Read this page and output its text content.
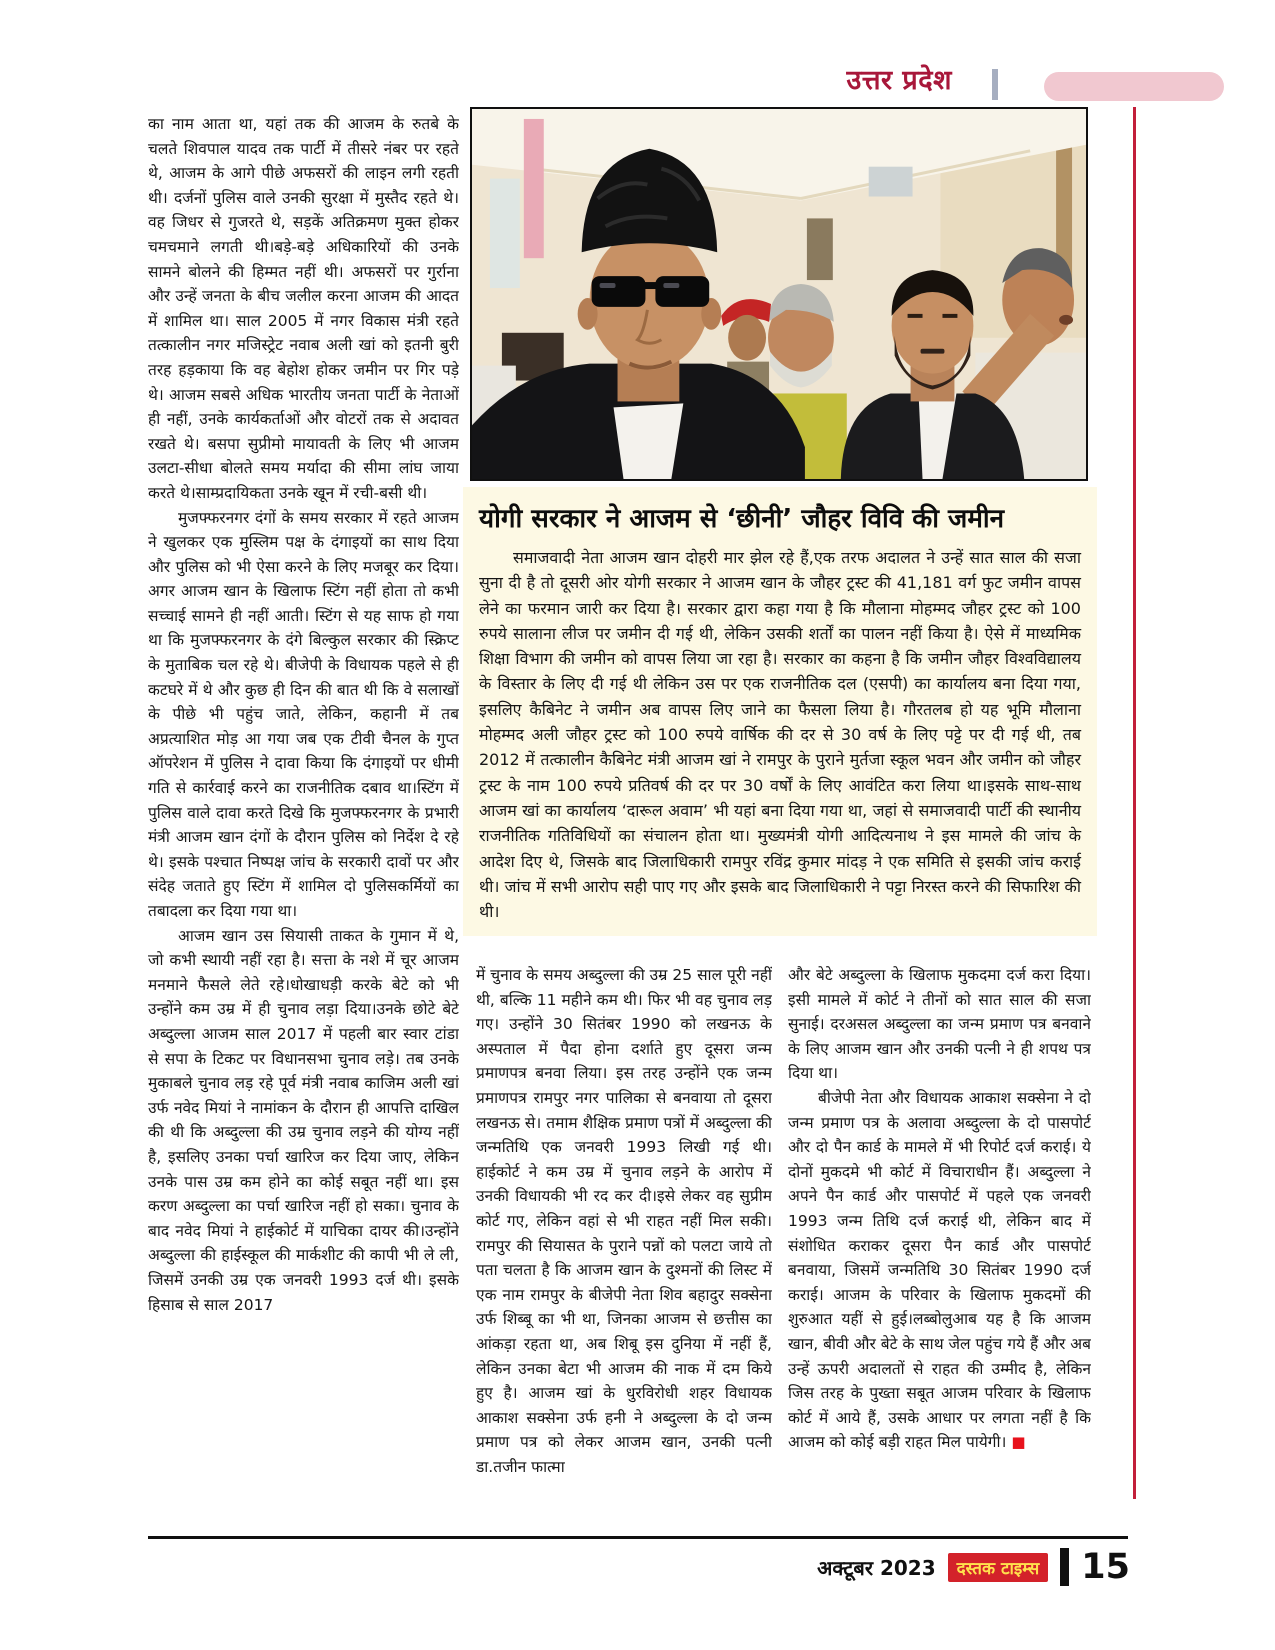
उत्तर प्रदेश

का नाम आता था, यहां तक की आजम के रुतबे के चलते शिवपाल यादव तक पार्टी में तीसरे नंबर पर रहते थे, आजम के आगे पीछे अफसरों की लाइन लगी रहती थी। दर्जनों पुलिस वाले उनकी सुरक्षा में मुस्तैद रहते थे। वह जिधर से गुजरते थे, सड़कें अतिक्रमण मुक्त होकर चमचमाने लगती थी।बड़े-बड़े अधिकारियों की उनके सामने बोलने की हिम्मत नहीं थी। अफसरों पर गुर्राना और उन्हें जनता के बीच जलील करना आजम की आदत में शामिल था। साल 2005 में नगर विकास मंत्री रहते तत्कालीन नगर मजिस्ट्रेट नवाब अली खां को इतनी बुरी तरह हड़काया कि वह बेहोश होकर जमीन पर गिर पड़े थे। आजम सबसे अधिक भारतीय जनता पार्टी के नेताओं ही नहीं, उनके कार्यकर्ताओं और वोटरों तक से अदावत रखते थे। बसपा सुप्रीमो मायावती के लिए भी आजम उलटा-सीधा बोलते समय मर्यादा की सीमा लांघ जाया करते थे।साम्प्रदायिकता उनके खून में रची-बसी थी।

मुजफ्फरनगर दंगों के समय सरकार में रहते आजम ने खुलकर एक मुस्लिम पक्ष के दंगाइयों का साथ दिया और पुलिस को भी ऐसा करने के लिए मजबूर कर दिया। अगर आजम खान के खिलाफ स्टिंग नहीं होता तो कभी सच्चाई सामने ही नहीं आती। स्टिंग से यह साफ हो गया था कि मुजफ्फरनगर के दंगे बिल्कुल सरकार की स्क्रिप्ट के मुताबिक चल रहे थे। बीजेपी के विधायक पहले से ही कटघरे में थे और कुछ ही दिन की बात थी कि वे सलाखों के पीछे भी पहुंच जाते, लेकिन, कहानी में तब अप्रत्याशित मोड़ आ गया जब एक टीवी चैनल के गुप्त ऑपरेशन में पुलिस ने दावा किया कि दंगाइयों पर धीमी गति से कार्रवाई करने का राजनीतिक दबाव था।स्टिंग में पुलिस वाले दावा करते दिखे कि मुजफ्फरनगर के प्रभारी मंत्री आजम खान दंगों के दौरान पुलिस को निर्देश दे रहे थे। इसके पश्चात निष्पक्ष जांच के सरकारी दावों पर और संदेह जताते हुए स्टिंग में शामिल दो पुलिसकर्मियों का तबादला कर दिया गया था।

आजम खान उस सियासी ताकत के गुमान में थे, जो कभी स्थायी नहीं रहा है। सत्ता के नशे में चूर आजम मनमाने फैसले लेते रहे।धोखाधड़ी करके बेटे को भी उन्होंने कम उम्र में ही चुनाव लड़ा दिया।उनके छोटे बेटे अब्दुल्ला आजम साल 2017 में पहली बार स्वार टांडा से सपा के टिकट पर विधानसभा चुनाव लड़े। तब उनके मुकाबले चुनाव लड़ रहे पूर्व मंत्री नवाब काजिम अली खां उर्फ नवेद मियां ने नामांकन के दौरान ही आपत्ति दाखिल की थी कि अब्दुल्ला की उम्र चुनाव लड़ने की योग्य नहीं है, इसलिए उनका पर्चा खारिज कर दिया जाए, लेकिन उनके पास उम्र कम होने का कोई सबूत नहीं था। इस करण अब्दुल्ला का पर्चा खारिज नहीं हो सका। चुनाव के बाद नवेद मियां ने हाईकोर्ट में याचिका दायर की।उन्होंने अब्दुल्ला की हाईस्कूल की मार्कशीट की कापी भी ले ली, जिसमें उनकी उम्र एक जनवरी 1993 दर्ज थी। इसके हिसाब से साल 2017

योगी सरकार ने आजम से ‘छीनी’ जौहर विवि की जमीन
समाजवादी नेता आजम खान दोहरी मार झेल रहे हैं,एक तरफ अदालत ने उन्हें सात साल की सजा सुना दी है तो दूसरी ओर योगी सरकार ने आजम खान के जौहर ट्रस्ट की 41,181 वर्ग फुट जमीन वापस लेने का फरमान जारी कर दिया है। सरकार द्वारा कहा गया है कि मौलाना मोहम्मद जौहर ट्रस्ट को 100 रुपये सालाना लीज पर जमीन दी गई थी, लेकिन उसकी शर्तों का पालन नहीं किया है। ऐसे में माध्यमिक शिक्षा विभाग की जमीन को वापस लिया जा रहा है। सरकार का कहना है कि जमीन जौहर विश्वविद्यालय के विस्तार के लिए दी गई थी लेकिन उस पर एक राजनीतिक दल (एसपी) का कार्यालय बना दिया गया, इसलिए कैबिनेट ने जमीन अब वापस लिए जाने का फैसला लिया है। गौरतलब हो यह भूमि मौलाना मोहम्मद अली जौहर ट्रस्ट को 100 रुपये वार्षिक की दर से 30 वर्ष के लिए पट्टे पर दी गई थी, तब 2012 में तत्कालीन कैबिनेट मंत्री आजम खां ने रामपुर के पुराने मुर्तजा स्कूल भवन और जमीन को जौहर ट्रस्ट के नाम 100 रुपये प्रतिवर्ष की दर पर 30 वर्षों के लिए आवंटित करा लिया था।इसके साथ-साथ आजम खां का कार्यालय ‘दारूल अवाम’ भी यहां बना दिया गया था, जहां से समाजवादी पार्टी की स्थानीय राजनीतिक गतिविधियों का संचालन होता था। मुख्यमंत्री योगी आदित्यनाथ ने इस मामले की जांच के आदेश दिए थे, जिसके बाद जिलाधिकारी रामपुर रविंद्र कुमार मांदड़ ने एक समिति से इसकी जांच कराई थी। जांच में सभी आरोप सही पाए गए और इसके बाद जिलाधिकारी ने पट्टा निरस्त करने की सिफारिश की थी।

में चुनाव के समय अब्दुल्ला की उम्र 25 साल पूरी नहीं थी, बल्कि 11 महीने कम थी। फिर भी वह चुनाव लड़ गए। उन्होंने 30 सितंबर 1990 को लखनऊ के अस्पताल में पैदा होना दर्शाते हुए दूसरा जन्म प्रमाणपत्र बनवा लिया। इस तरह उन्होंने एक जन्म प्रमाणपत्र रामपुर नगर पालिका से बनवाया तो दूसरा लखनऊ से। तमाम शैक्षिक प्रमाण पत्रों में अब्दुल्ला की जन्मतिथि एक जनवरी 1993 लिखी गई थी। हाईकोर्ट ने कम उम्र में चुनाव लड़ने के आरोप में उनकी विधायकी भी रद कर दी।इसे लेकर वह सुप्रीम कोर्ट गए, लेकिन वहां से भी राहत नहीं मिल सकी। रामपुर की सियासत के पुराने पन्नों को पलटा जाये तो पता चलता है कि आजम खान के दुश्मनों की लिस्ट में एक नाम रामपुर के बीजेपी नेता शिव बहादुर सक्सेना उर्फ शिब्बू का भी था, जिनका आजम से छत्तीस का आंकड़ा रहता था, अब शिबू इस दुनिया में नहीं हैं, लेकिन उनका बेटा भी आजम की नाक में दम किये हुए है। आजम खां के धुरविरोधी शहर विधायक आकाश सक्सेना उर्फ हनी ने अब्दुल्ला के दो जन्म प्रमाण पत्र को लेकर आजम खान, उनकी पत्नी डा.तजीन फात्मा

और बेटे अब्दुल्ला के खिलाफ मुकदमा दर्ज करा दिया। इसी मामले में कोर्ट ने तीनों को सात साल की सजा सुनाई। दरअसल अब्दुल्ला का जन्म प्रमाण पत्र बनवाने के लिए आजम खान और उनकी पत्नी ने ही शपथ पत्र दिया था।

बीजेपी नेता और विधायक आकाश सक्सेना ने दो जन्म प्रमाण पत्र के अलावा अब्दुल्ला के दो पासपोर्ट और दो पैन कार्ड के मामले में भी रिपोर्ट दर्ज कराई। ये दोनों मुकदमे भी कोर्ट में विचाराधीन हैं। अब्दुल्ला ने अपने पैन कार्ड और पासपोर्ट में पहले एक जनवरी 1993 जन्म तिथि दर्ज कराई थी, लेकिन बाद में संशोधित कराकर दूसरा पैन कार्ड और पासपोर्ट बनवाया, जिसमें जन्मतिथि 30 सितंबर 1990 दर्ज कराई। आजम के परिवार के खिलाफ मुकदमों की शुरुआत यहीं से हुई।लब्बोलुआब यह है कि आजम खान, बीवी और बेटे के साथ जेल पहुंच गये हैं और अब उन्हें ऊपरी अदालतों से राहत की उम्मीद है, लेकिन जिस तरह के पुख्ता सबूत आजम परिवार के खिलाफ कोर्ट में आये हैं, उसके आधार पर लगता नहीं है कि आजम को कोई बड़ी राहत मिल पायेगी। ■

अक्टूबर 2023	दस्तक टाइम्स 15
